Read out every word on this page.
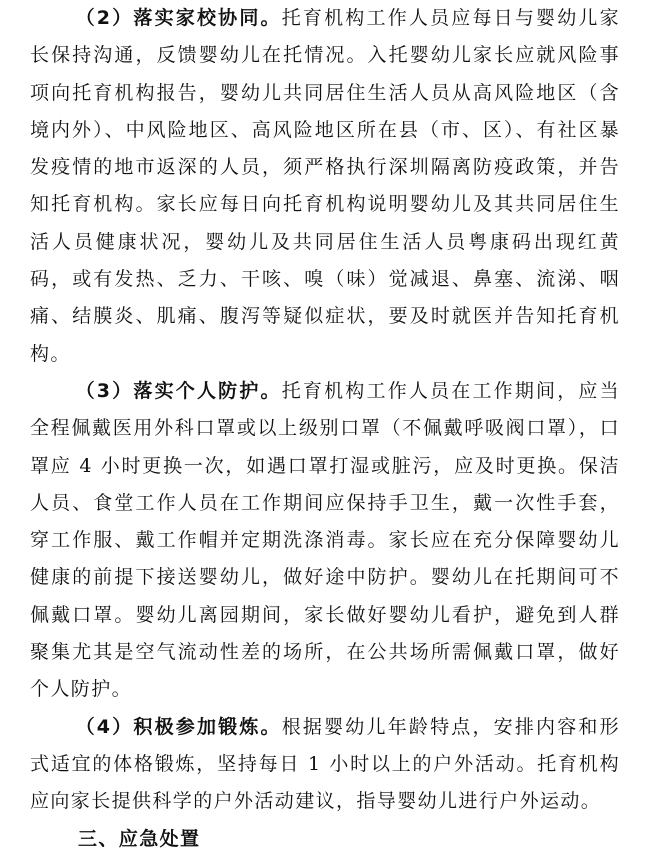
（2）落实家校协同。托育机构工作人员应每日与婴幼儿家长保持沟通，反馈婴幼儿在托情况。入托婴幼儿家长应就风险事项向托育机构报告，婴幼儿共同居住生活人员从高风险地区（含境内外）、中风险地区、高风险地区所在县（市、区）、有社区暴发疫情的地市返深的人员，须严格执行深圳隔离防疫政策，并告知托育机构。家长应每日向托育机构说明婴幼儿及其共同居住生活人员健康状况，婴幼儿及共同居住生活人员粤康码出现红黄码，或有发热、乏力、干咳、嗅（味）觉减退、鼻塞、流涕、咽痛、结膜炎、肌痛、腹泻等疑似症状，要及时就医并告知托育机构。

（3）落实个人防护。托育机构工作人员在工作期间，应当全程佩戴医用外科口罩或以上级别口罩（不佩戴呼吸阀口罩），口罩应 4 小时更换一次，如遇口罩打湿或脏污，应及时更换。保洁人员、食堂工作人员在工作期间应保持手卫生，戴一次性手套，穿工作服、戴工作帽并定期洗涤消毒。家长应在充分保障婴幼儿健康的前提下接送婴幼儿，做好途中防护。婴幼儿在托期间可不佩戴口罩。婴幼儿离园期间，家长做好婴幼儿看护，避免到人群聚集尤其是空气流动性差的场所，在公共场所需佩戴口罩，做好个人防护。

（4）积极参加锻炼。根据婴幼儿年龄特点，安排内容和形式适宜的体格锻炼，坚持每日 1 小时以上的户外活动。托育机构应向家长提供科学的户外活动建议，指导婴幼儿进行户外运动。

三、应急处置
